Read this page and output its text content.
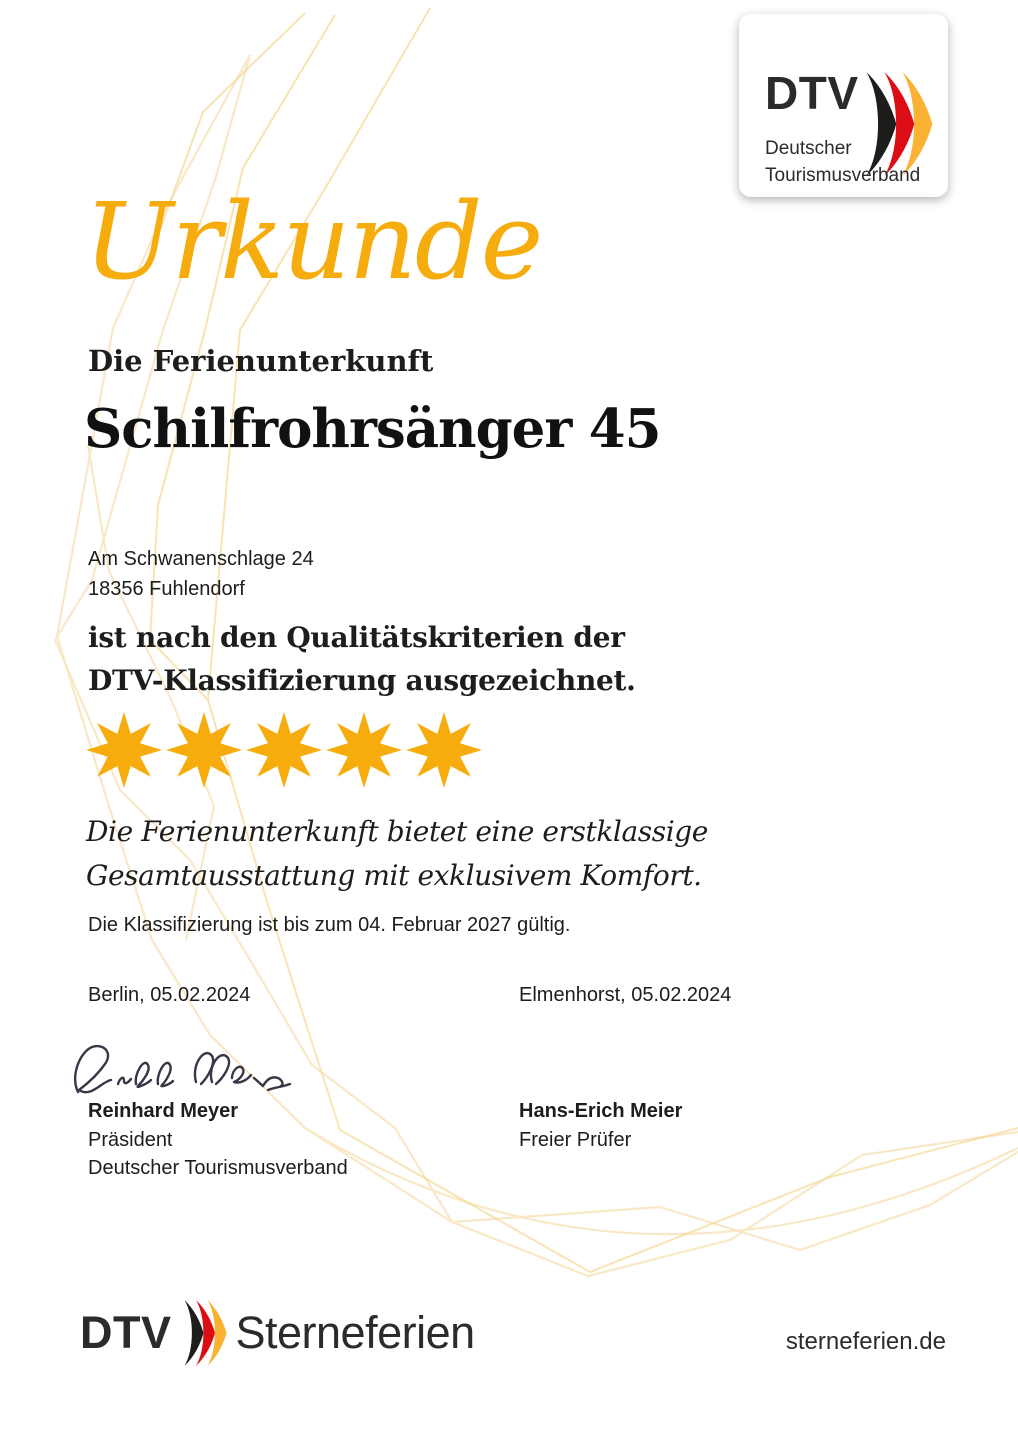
DTV
Deutscher
Tourismusverband
Urkunde
Die Ferienunterkunft
Schilfrohrsänger 45
Am Schwanenschlage 24
18356 Fuhlendorf
ist nach den Qualitätskriterien der
DTV-Klassifizierung ausgezeichnet.
Die Ferienunterkunft bietet eine erstklassige
Gesamtausstattung mit exklusivem Komfort.
Die Klassifizierung ist bis zum 04. Februar 2027 gültig.
Berlin, 05.02.2024	Elmenhorst, 05.02.2024
Reinhard Meyer
Präsident
Deutscher Tourismusverband
Hans-Erich Meier
Freier Prüfer
DTV Sterneferien	sterneferien.de
